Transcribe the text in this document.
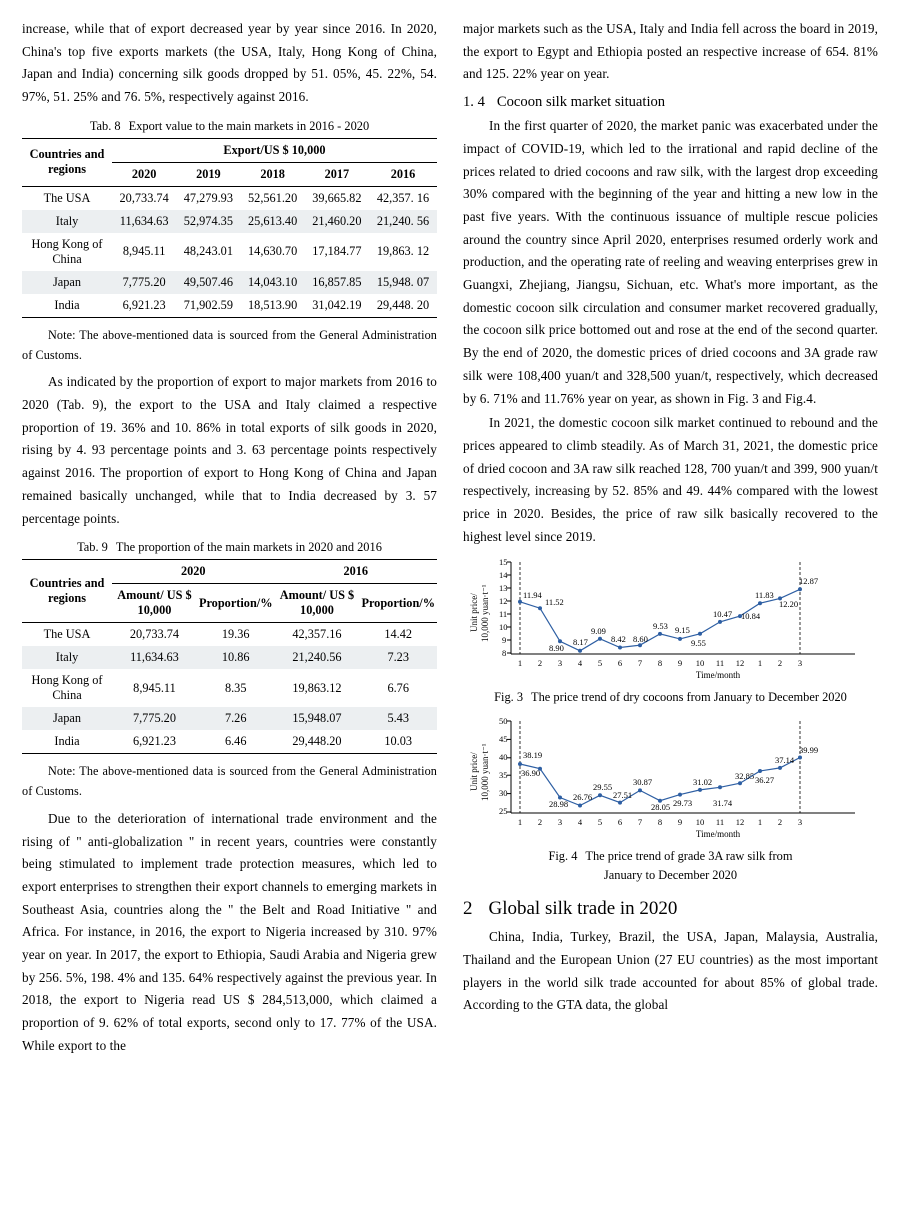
increase, while that of export decreased year by year since 2016. In 2020, China's top five exports markets (the USA, Italy, Hong Kong of China, Japan and India) concerning silk goods dropped by 51. 05%, 45. 22%, 54. 97%, 51. 25% and 76. 5%, respectively against 2016.

Tab. 8 Export value to the main markets in 2016 - 2020
Countries and regions	Export/US $ 10,000				
	2020	2019	2018	2017	2016
The USA	20,733.74	47,279.93	52,561.20	39,665.82	42,357. 16
Italy	11,634.63	52,974.35	25,613.40	21,460.20	21,240. 56
Hong Kong of China	8,945.11	48,243.01	14,630.70	17,184.77	19,863. 12
Japan	7,775.20	49,507.46	14,043.10	16,857.85	15,948. 07
India	6,921.23	71,902.59	18,513.90	31,042.19	29,448. 20

Note: The above-mentioned data is sourced from the General Administration of Customs.

As indicated by the proportion of export to major markets from 2016 to 2020 (Tab. 9), the export to the USA and Italy claimed a respective proportion of 19. 36% and 10. 86% in total exports of silk goods in 2020, rising by 4. 93 percentage points and 3. 63 percentage points respectively against 2016. The proportion of export to Hong Kong of China and Japan remained basically unchanged, while that to India decreased by 3. 57 percentage points.

Tab. 9 The proportion of the main markets in 2020 and 2016
Countries and regions	2020		2016	
	Amount/ US $ 10,000	Proportion/%	Amount/ US $ 10,000	Proportion/%
The USA	20,733.74	19.36	42,357.16	14.42
Italy	11,634.63	10.86	21,240.56	7.23
Hong Kong of China	8,945.11	8.35	19,863.12	6.76
Japan	7,775.20	7.26	15,948.07	5.43
India	6,921.23	6.46	29,448.20	10.03

Note: The above-mentioned data is sourced from the General Administration of Customs.

Due to the deterioration of international trade environment and the rising of " anti-globalization " in recent years, countries were constantly being stimulated to implement trade protection measures, which led to export enterprises to strengthen their export channels to emerging markets in Southeast Asia, countries along the " the Belt and Road Initiative " and Africa. For instance, in 2016, the export to Nigeria increased by 310. 97% year on year. In 2017, the export to Ethiopia, Saudi Arabia and Nigeria grew by 256. 5%, 198. 4% and 135. 64% respectively against the previous year. In 2018, the export to Nigeria read US $ 284,513,000, which claimed a proportion of 9. 62% of total exports, second only to 17. 77% of the USA. While export to the

major markets such as the USA, Italy and India fell across the board in 2019, the export to Egypt and Ethiopia posted an respective increase of 654. 81% and 125. 22% year on year.

1. 4 Cocoon silk market situation

In the first quarter of 2020, the market panic was exacerbated under the impact of COVID-19, which led to the irrational and rapid decline of the prices related to dried cocoons and raw silk, with the largest drop exceeding 30% compared with the beginning of the year and hitting a new low in the past five years. With the continuous issuance of multiple rescue policies around the country since April 2020, enterprises resumed orderly work and production, and the operating rate of reeling and weaving enterprises grew in Guangxi, Zhejiang, Jiangsu, Sichuan, etc. What's more important, as the domestic cocoon silk circulation and consumer market recovered gradually, the cocoon silk price bottomed out and rose at the end of the second quarter. By the end of 2020, the domestic prices of dried cocoons and 3A grade raw silk were 108,400 yuan/t and 328,500 yuan/t, respectively, which decreased by 6. 71% and 11.76% year on year, as shown in Fig. 3 and Fig.4.

In 2021, the domestic cocoon silk market continued to rebound and the prices appeared to climb steadily. As of March 31, 2021, the domestic price of dried cocoon and 3A raw silk reached 128, 700 yuan/t and 399, 900 yuan/t respectively, increasing by 52. 85% and 49. 44% compared with the lowest price in 2020. Besides, the price of raw silk basically recovered to the highest level since 2019.

Unit price/ 10,000 yuan·t⁻¹
15
14
13
12
11
10
9
8
11.94
11.52
8.90
8.17
9.09
8.42 8.60
9.53 9.15
9.55
10.47 10.84
11.83
12.20
12.87
1 2 3 4 5 6 7 8 9 10 11 12 1 2 3
Time/month
Fig. 3 The price trend of dry cocoons from January to December 2020
Unit price/ 10,000 yuan·t⁻¹
50
45
40
35
30
25
38.19
36.90
28.98
26.76
29.55
27.51
30.87
28.05 29.73
31.02
31.74
32.85 36.27
37.14
39.99
1 2 3 4 5 6 7 8 9 10 11 12 1 2 3
Time/month
Fig. 4 The price trend of grade 3A raw silk from
January to December 2020
2 Global silk trade in 2020

China, India, Turkey, Brazil, the USA, Japan, Malaysia, Australia, Thailand and the European Union (27 EU countries) as the most important players in the world silk trade accounted for about 85% of global trade. According to the GTA data, the global
